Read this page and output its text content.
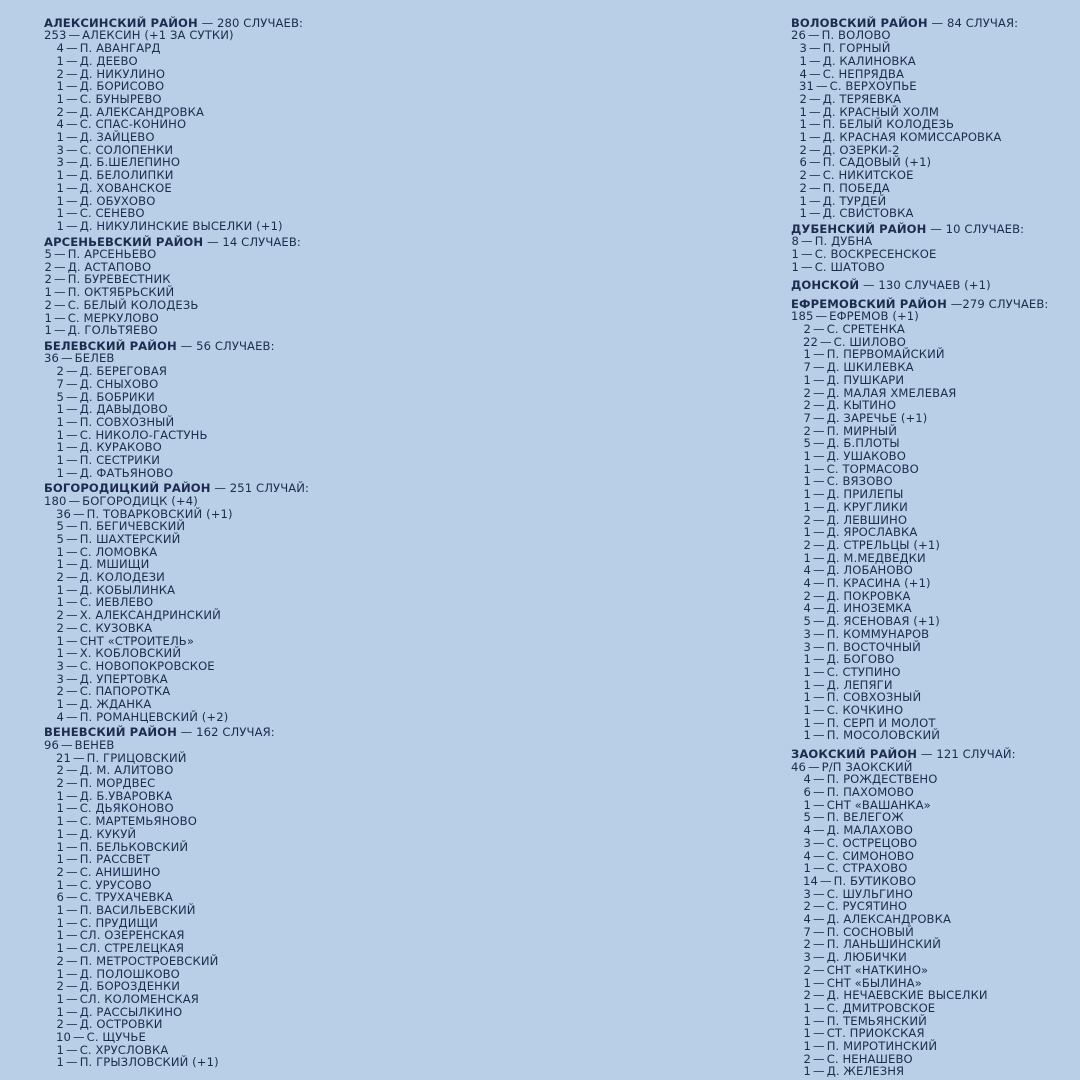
АЛЕКСИНСКИЙ РАЙОН — 280 СЛУЧАЕВ:
253 — АЛЕКСИН (+1 ЗА СУТКИ)
4 — П. АВАНГАРД
1 — Д. ДЕЕВО
2 — Д. НИКУЛИНО
1 — Д. БОРИСОВО
1 — С. БУНЫРЕВО
2 — Д. АЛЕКСАНДРОВКА
4 — С. СПАС-КОНИНО
1 — Д. ЗАЙЦЕВО
3 — С. СОЛОПЕНКИ
3 — Д. Б.ШЕЛЕПИНО
1 — Д. БЕЛОЛИПКИ
1 — Д. ХОВАНСКОЕ
1 — Д. ОБУХОВО
1 — С. СЕНЕВО
1 — Д. НИКУЛИНСКИЕ ВЫСЕЛКИ (+1)
АРСЕНЬЕВСКИЙ РАЙОН — 14 СЛУЧАЕВ:
5 — П. АРСЕНЬЕВО
2 — Д. АСТАПОВО
2 — П. БУРЕВЕСТНИК
1 — П. ОКТЯБРЬСКИЙ
2 — С. БЕЛЫЙ КОЛОДЕЗЬ
1 — С. МЕРКУЛОВО
1 — Д. ГОЛЬТЯЕВО
БЕЛЕВСКИЙ РАЙОН — 56 СЛУЧАЕВ:
36 — БЕЛЕВ
2 — Д. БЕРЕГОВАЯ
7 — Д. СНЫХОВО
5 — Д. БОБРИКИ
1 — Д. ДАВЫДОВО
1 — П. СОВХОЗНЫЙ
1 — С. НИКОЛО-ГАСТУНЬ
1 — Д. КУРАКОВО
1 — П. СЕСТРИКИ
1 — Д. ФАТЬЯНОВО
БОГОРОДИЦКИЙ РАЙОН — 251 СЛУЧАЙ:
180 — БОГОРОДИЦК (+4)
36 — П. ТОВАРКОВСКИЙ (+1)
5 — П. БЕГИЧЕВСКИЙ
5 — П. ШАХТЕРСКИЙ
1 — С. ЛОМОВКА
1 — Д. МШИЩИ
2 — Д. КОЛОДЕЗИ
1 — Д. КОБЫЛИНКА
1 — С. ИЕВЛЕВО
2 — Х. АЛЕКСАНДРИНСКИЙ
2 — С. КУЗОВКА
1 — СНТ «СТРОИТЕЛЬ»
1 — Х. КОБЛОВСКИЙ
3 — С. НОВОПОКРОВСКОЕ
3 — Д. УПЕРТОВКА
2 — С. ПАПОРОТКА
1 — Д. ЖДАНКА
4 — П. РОМАНЦЕВСКИЙ (+2)
ВЕНЕВСКИЙ РАЙОН — 162 СЛУЧАЯ:
96 — ВЕНЕВ
21 — П. ГРИЦОВСКИЙ
2 — Д. М. АЛИТОВО
2 — П. МОРДВЕС
1 — Д. Б.УВАРОВКА
1 — С. ДЬЯКОНОВО
1 — С. МАРТЕМЬЯНОВО
1 — Д. КУКУЙ
1 — П. БЕЛЬКОВСКИЙ
1 — П. РАССВЕТ
2 — С. АНИШИНО
1 — С. УРУСОВО
6 — С. ТРУХАЧЕВКА
1 — П. ВАСИЛЬЕВСКИЙ
1 — С. ПРУДИЩИ
1 — СЛ. ОЗЕРЕНСКАЯ
1 — СЛ. СТРЕЛЕЦКАЯ
2 — П. МЕТРОСТРОЕВСКИЙ
1 — Д. ПОЛОШКОВО
2 — Д. БОРОЗДЕНКИ
1 — СЛ. КОЛОМЕНСКАЯ
1 — Д. РАССЫЛКИНО
2 — Д. ОСТРОВКИ
10 — С. ЩУЧЬЕ
1 — С. ХРУСЛОВКА
1 — П. ГРЫЗЛОВСКИЙ (+1)
ВОЛОВСКИЙ РАЙОН — 84 СЛУЧАЯ:
26 — П. ВОЛОВО
3 — П. ГОРНЫЙ
1 — Д. КАЛИНОВКА
4 — С. НЕПРЯДВА
31 — С. ВЕРХОУПЬЕ
2 — Д. ТЕРЯЕВКА
1 — Д. КРАСНЫЙ ХОЛМ
1 — П. БЕЛЫЙ КОЛОДЕЗЬ
1 — Д. КРАСНАЯ КОМИССАРОВКА
2 — Д. ОЗЕРКИ-2
6 — П. САДОВЫЙ (+1)
2 — С. НИКИТСКОЕ
2 — П. ПОБЕДА
1 — Д. ТУРДЕЙ
1 — Д. СВИСТОВКА
ДУБЕНСКИЙ РАЙОН — 10 СЛУЧАЕВ:
8 — П. ДУБНА
1 — С. ВОСКРЕСЕНСКОЕ
1 — С. ШАТОВО
ДОНСКОЙ — 130 СЛУЧАЕВ (+1)
ЕФРЕМОВСКИЙ РАЙОН —279 СЛУЧАЕВ:
185 — ЕФРЕМОВ (+1)
2 — С. СРЕТЕНКА
22 — С. ШИЛОВО
1 — П. ПЕРВОМАЙСКИЙ
7 — Д. ШКИЛЕВКА
1 — Д. ПУШКАРИ
2 — Д. МАЛАЯ ХМЕЛЕВАЯ
2 — Д. КЫТИНО
7 — Д. ЗАРЕЧЬЕ (+1)
2 — П. МИРНЫЙ
5 — Д. Б.ПЛОТЫ
1 — Д. УШАКОВО
1 — С. ТОРМАСОВО
1 — С. ВЯЗОВО
1 — Д. ПРИЛЕПЫ
1 — Д. КРУГЛИКИ
2 — Д. ЛЕВШИНО
1 — Д. ЯРОСЛАВКА
2 — Д. СТРЕЛЬЦЫ (+1)
1 — Д. М.МЕДВЕДКИ
4 — Д. ЛОБАНОВО
4 — П. КРАСИНА (+1)
2 — Д. ПОКРОВКА
4 — Д. ИНОЗЕМКА
5 — Д. ЯСЕНОВАЯ (+1)
3 — П. КОММУНАРОВ
3 — П. ВОСТОЧНЫЙ
1 — Д. БОГОВО
1 — С. СТУПИНО
1 — Д. ЛЕПЯГИ
1 — П. СОВХОЗНЫЙ
1 — С. КОЧКИНО
1 — П. СЕРП И МОЛОТ
1 — П. МОСОЛОВСКИЙ
ЗАОКСКИЙ РАЙОН — 121 СЛУЧАЙ:
46 — Р/П ЗАОКСКИЙ
4 — П. РОЖДЕСТВЕНО
6 — П. ПАХОМОВО
1 — СНТ «ВАШАНКА»
5 — П. ВЕЛЕГОЖ
4 — Д. МАЛАХОВО
3 — С. ОСТРЕЦОВО
4 — С. СИМОНОВО
1 — С. СТРАХОВО
14 — П. БУТИКОВО
3 — С. ШУЛЬГИНО
2 — С. РУСЯТИНО
4 — Д. АЛЕКСАНДРОВКА
7 — П. СОСНОВЫЙ
2 — П. ЛАНЬШИНСКИЙ
3 — Д. ЛЮБИЧКИ
2 — СНТ «НАТКИНО»
1 — СНТ «БЫЛИНА»
2 — Д. НЕЧАЕВСКИЕ ВЫСЕЛКИ
1 — С. ДМИТРОВСКОЕ
1 — П. ТЕМЬЯНСКИЙ
1 — СТ. ПРИОКСКАЯ
1 — П. МИРОТИНСКИЙ
2 — С. НЕНАШЕВО
1 — Д. ЖЕЛЕЗНЯ
